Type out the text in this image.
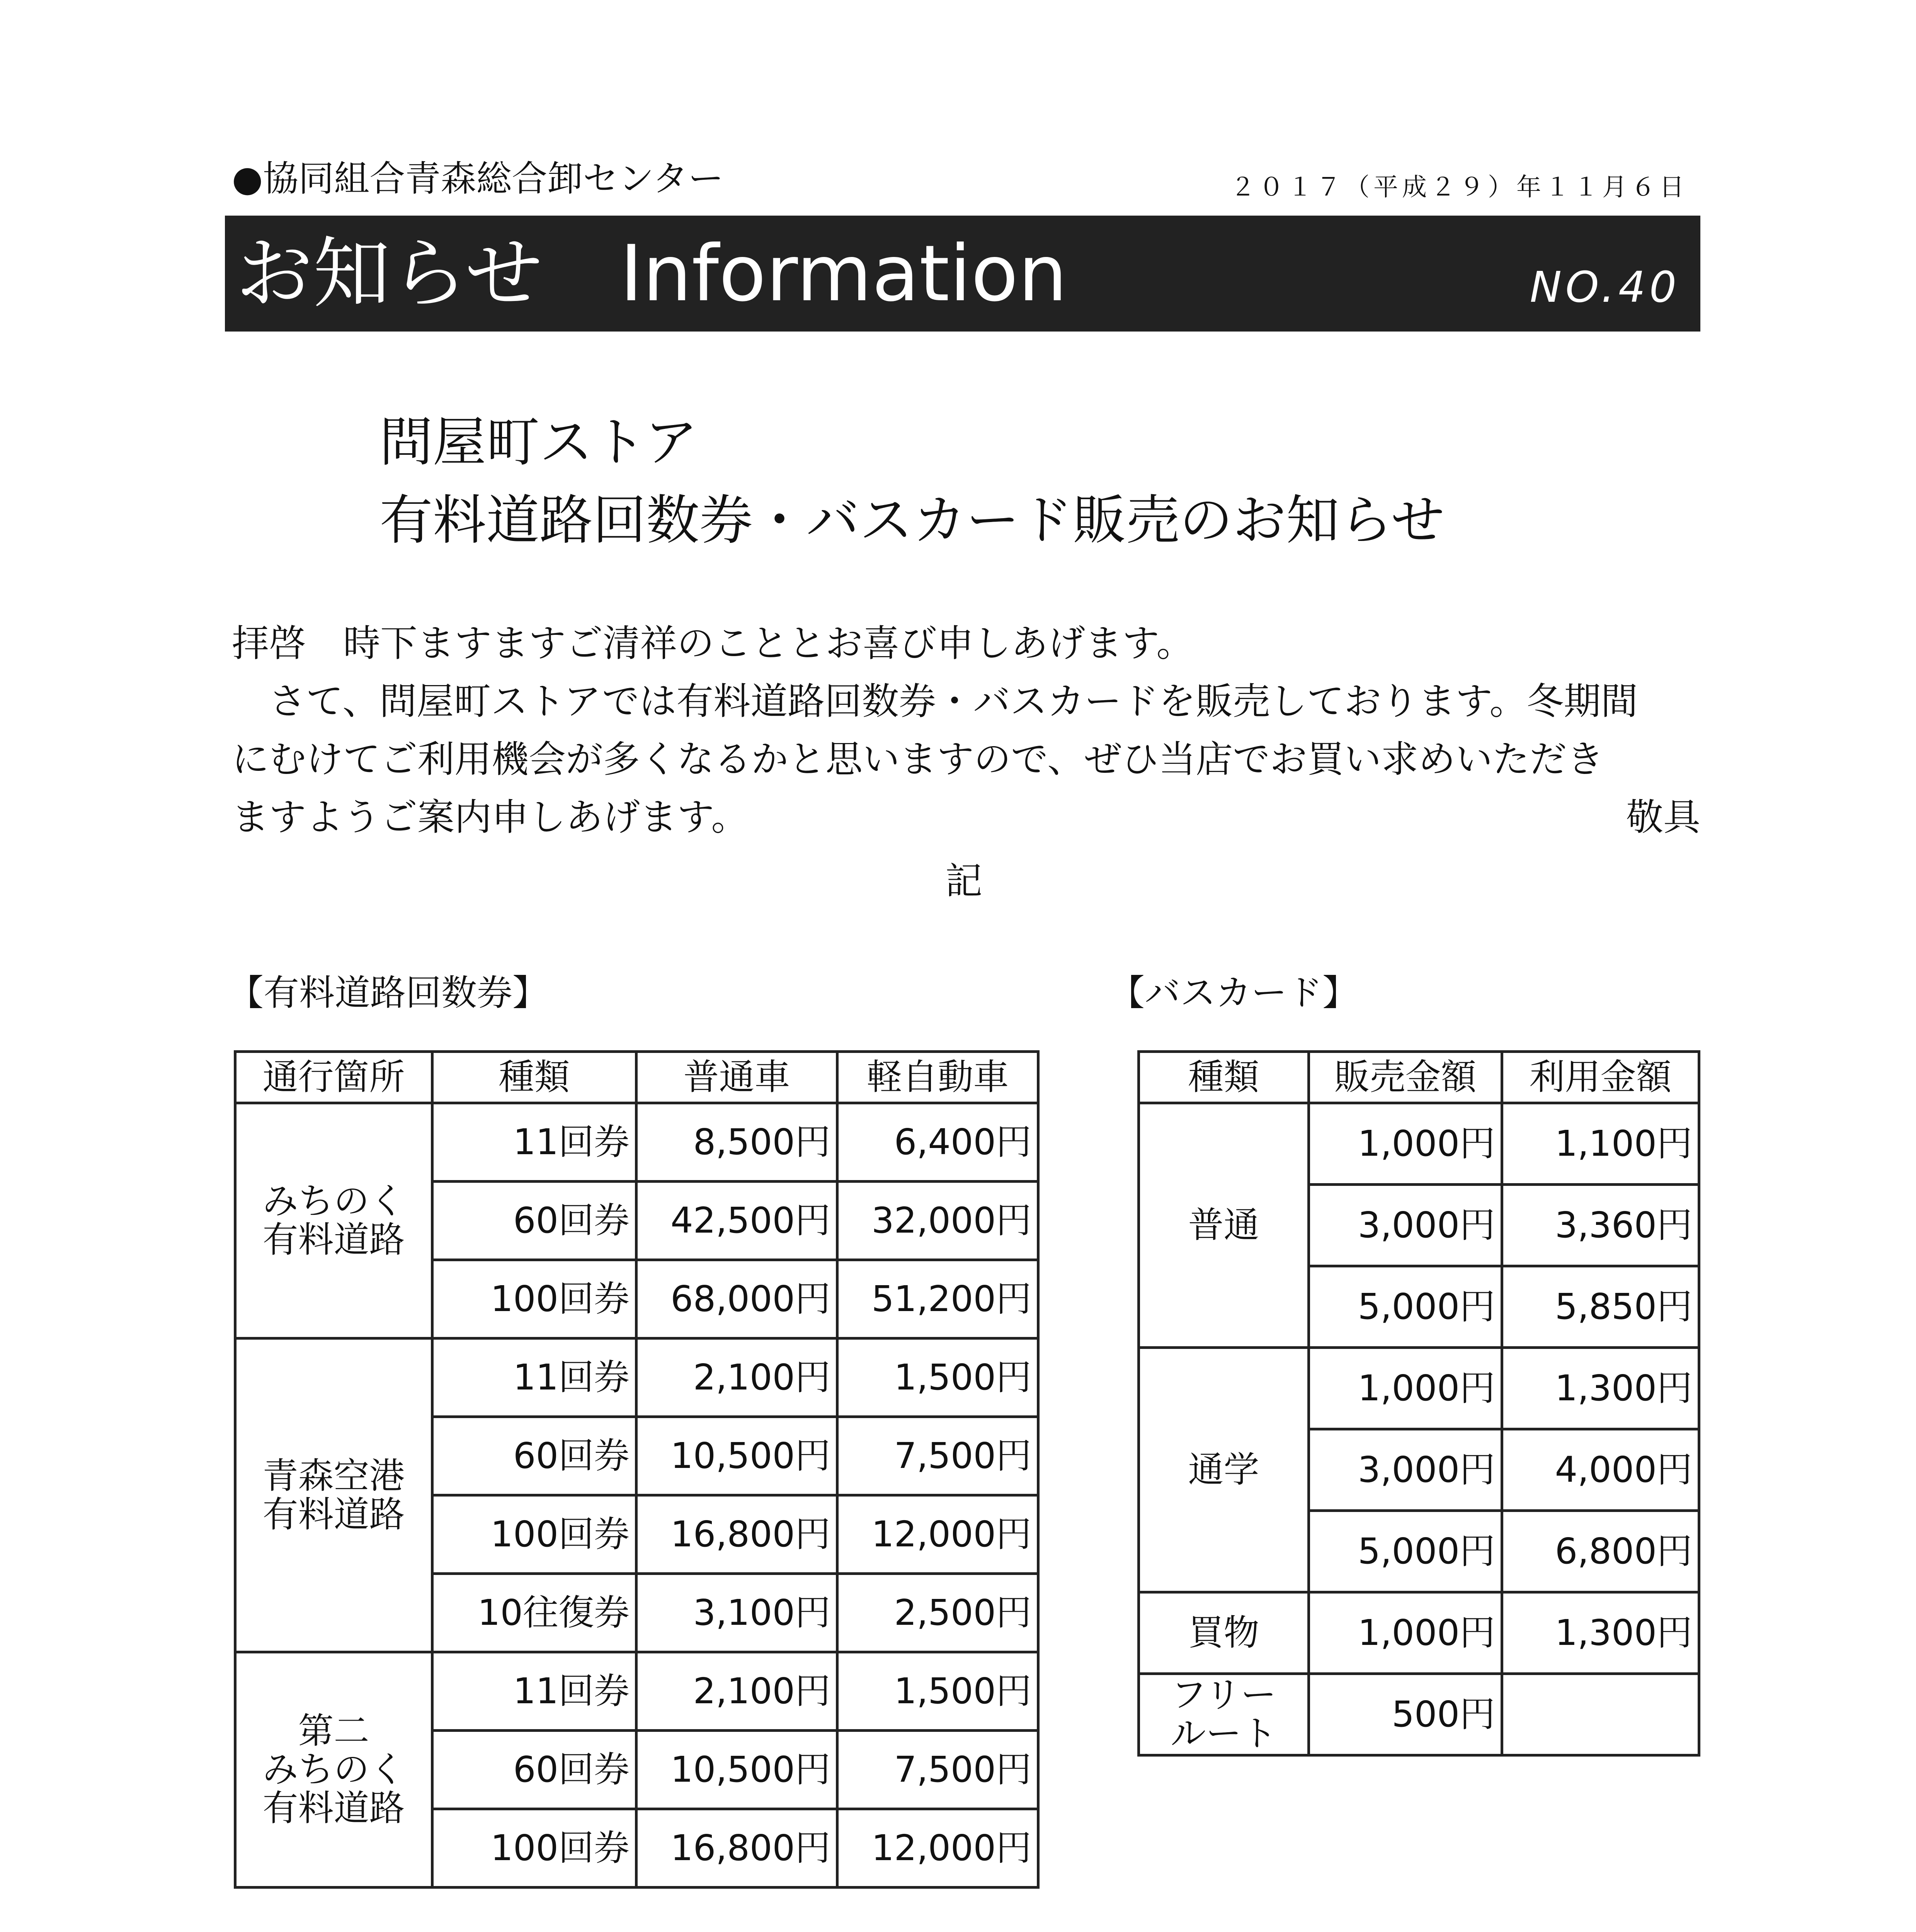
●協同組合青森総合卸センター	２０１７（平成２９）年１１月６日
お知らせ　Information	NO.40
問屋町ストア
有料道路回数券・バスカード販売のお知らせ

拝啓　時下ますますご清祥のこととお喜び申しあげます。

　さて、問屋町ストアでは有料道路回数券・バスカードを販売しております。冬期間

にむけてご利用機会が多くなるかと思いますので、ぜひ当店でお買い求めいただき

ますようご案内申しあげます。	敬具

記
【有料道路回数券】	【バスカード】
通行箇所	種類	普通車	軽自動車
みちのく
有料道路	11回券	8,500円	6,400円
	60回券	42,500円	32,000円
	100回券	68,000円	51,200円
青森空港
有料道路	11回券	2,100円	1,500円
	60回券	10,500円	7,500円
	100回券	16,800円	12,000円
	10往復券	3,100円	2,500円
第二
みちのく
有料道路	11回券	2,100円	1,500円
	60回券	10,500円	7,500円
	100回券	16,800円	12,000円
種類	販売金額	利用金額
普通	1,000円	1,100円
	3,000円	3,360円
	5,000円	5,850円
通学	1,000円	1,300円
	3,000円	4,000円
	5,000円	6,800円
買物	1,000円	1,300円
フリー
ルート	500円	
